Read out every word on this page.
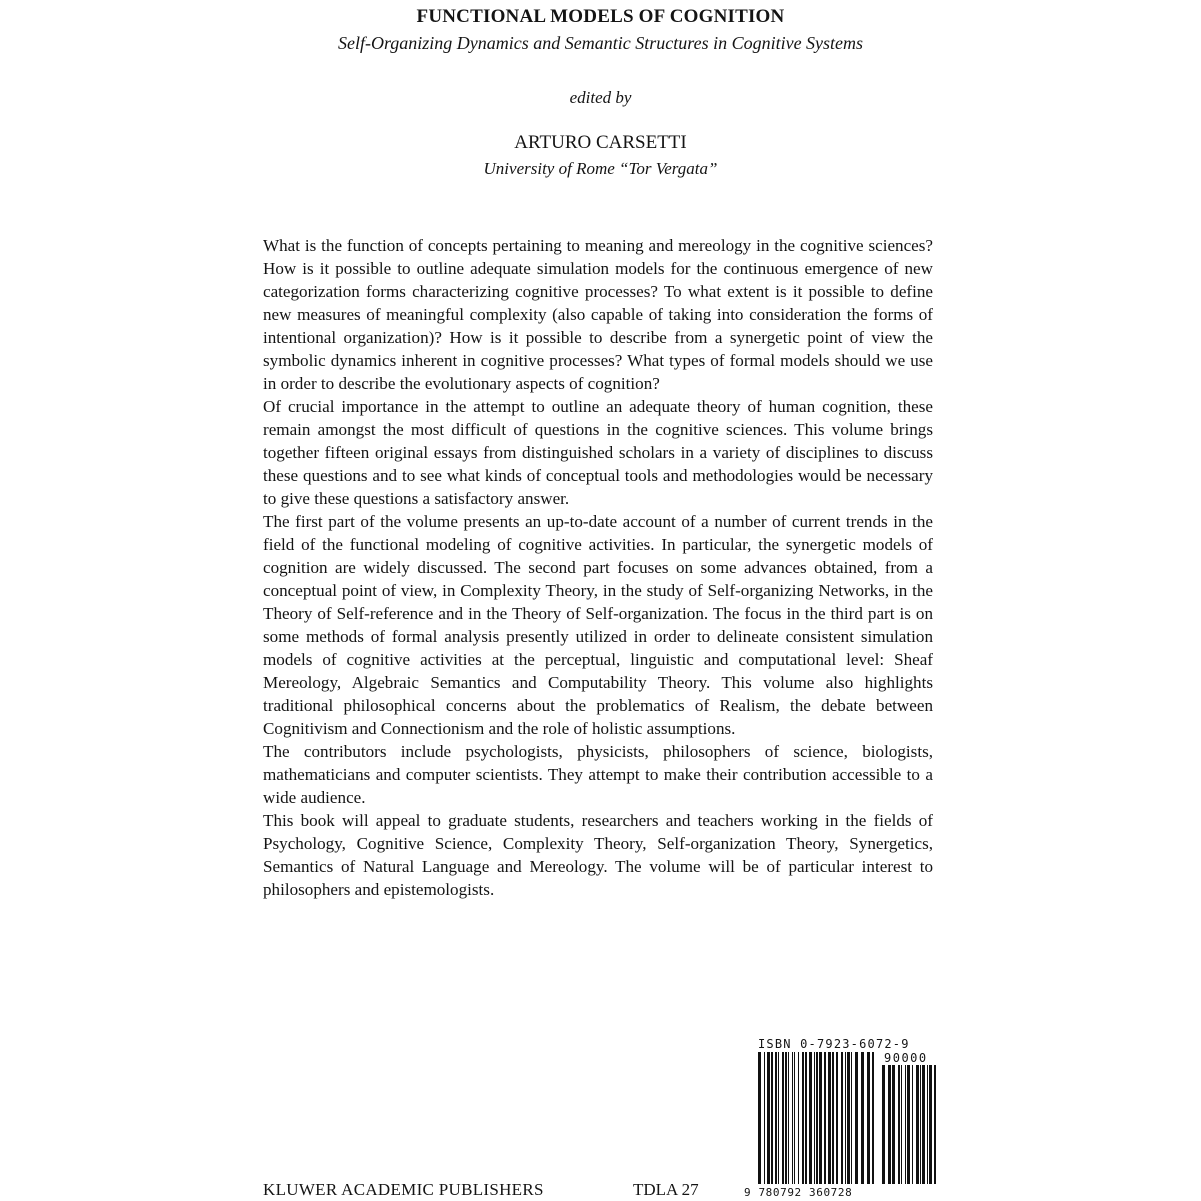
FUNCTIONAL MODELS OF COGNITION
Self-Organizing Dynamics and Semantic Structures in Cognitive Systems
edited by
ARTURO CARSETTI
University of Rome “Tor Vergata”

What is the function of concepts pertaining to meaning and mereology in the cognitive sciences? How is it possible to outline adequate simulation models for the continuous emergence of new categorization forms characterizing cognitive processes? To what extent is it possible to define new measures of meaningful complexity (also capable of taking into consideration the forms of intentional organization)? How is it possible to describe from a synergetic point of view the symbolic dynamics inherent in cognitive processes? What types of formal models should we use in order to describe the evolutionary aspects of cognition?

Of crucial importance in the attempt to outline an adequate theory of human cognition, these remain amongst the most difficult of questions in the cognitive sciences. This volume brings together fifteen original essays from distinguished scholars in a variety of disciplines to discuss these questions and to see what kinds of conceptual tools and methodologies would be necessary to give these questions a satisfactory answer.

The first part of the volume presents an up-to-date account of a number of current trends in the field of the functional modeling of cognitive activities. In particular, the synergetic models of cognition are widely discussed. The second part focuses on some advances obtained, from a conceptual point of view, in Complexity Theory, in the study of Self-organizing Networks, in the Theory of Self-reference and in the Theory of Self-organization. The focus in the third part is on some methods of formal analysis presently utilized in order to delineate consistent simulation models of cognitive activities at the perceptual, linguistic and computational level: Sheaf Mereology, Algebraic Semantics and Computability Theory. This volume also highlights traditional philosophical concerns about the problematics of Realism, the debate between Cognitivism and Connectionism and the role of holistic assumptions.

The contributors include psychologists, physicists, philosophers of science, biologists, mathematicians and computer scientists. They attempt to make their contribution accessible to a wide audience.

This book will appeal to graduate students, researchers and teachers working in the fields of Psychology, Cognitive Science, Complexity Theory, Self-organization Theory, Synergetics, Semantics of Natural Language and Mereology. The volume will be of particular interest to philosophers and epistemologists.

ISBN 0-7923-6072-9
90000
9 780792 360728
KLUWER ACADEMIC PUBLISHERS	TDLA 27
